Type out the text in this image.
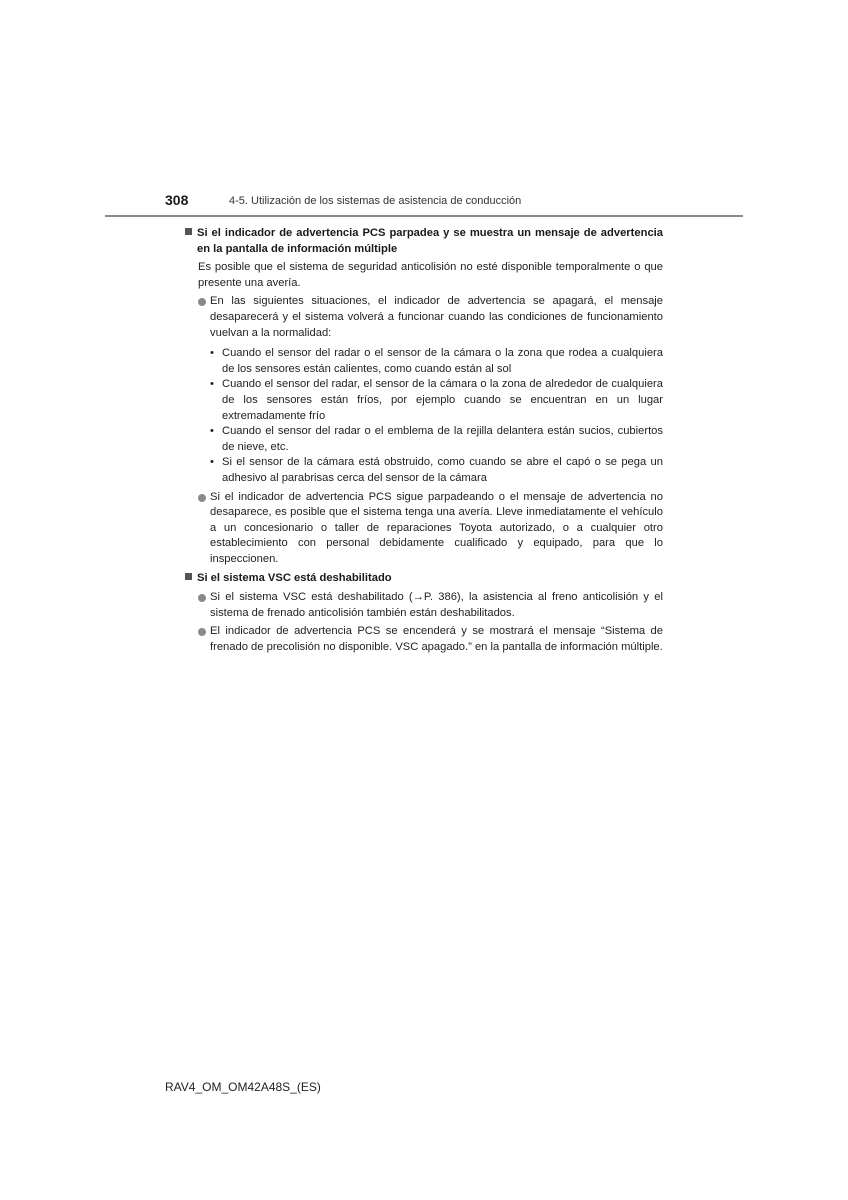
308	4-5. Utilización de los sistemas de asistencia de conducción
Si el indicador de advertencia PCS parpadea y se muestra un mensaje de advertencia en la pantalla de información múltiple
Es posible que el sistema de seguridad anticolisión no esté disponible temporalmente o que presente una avería.
En las siguientes situaciones, el indicador de advertencia se apagará, el mensaje desaparecerá y el sistema volverá a funcionar cuando las condiciones de funcionamiento vuelvan a la normalidad:
• Cuando el sensor del radar o el sensor de la cámara o la zona que rodea a cualquiera de los sensores están calientes, como cuando están al sol
• Cuando el sensor del radar, el sensor de la cámara o la zona de alrededor de cualquiera de los sensores están fríos, por ejemplo cuando se encuentran en un lugar extremadamente frío
• Cuando el sensor del radar o el emblema de la rejilla delantera están sucios, cubiertos de nieve, etc.
• Si el sensor de la cámara está obstruido, como cuando se abre el capó o se pega un adhesivo al parabrisas cerca del sensor de la cámara
Si el indicador de advertencia PCS sigue parpadeando o el mensaje de advertencia no desaparece, es posible que el sistema tenga una avería. Lleve inmediatamente el vehículo a un concesionario o taller de reparaciones Toyota autorizado, o a cualquier otro establecimiento con personal debidamente cualificado y equipado, para que lo inspeccionen.
Si el sistema VSC está deshabilitado
Si el sistema VSC está deshabilitado (→P. 386), la asistencia al freno anticolisión y el sistema de frenado anticolisión también están deshabilitados.
El indicador de advertencia PCS se encenderá y se mostrará el mensaje “Sistema de frenado de precolisión no disponible. VSC apagado.” en la pantalla de información múltiple.
RAV4_OM_OM42A48S_(ES)
